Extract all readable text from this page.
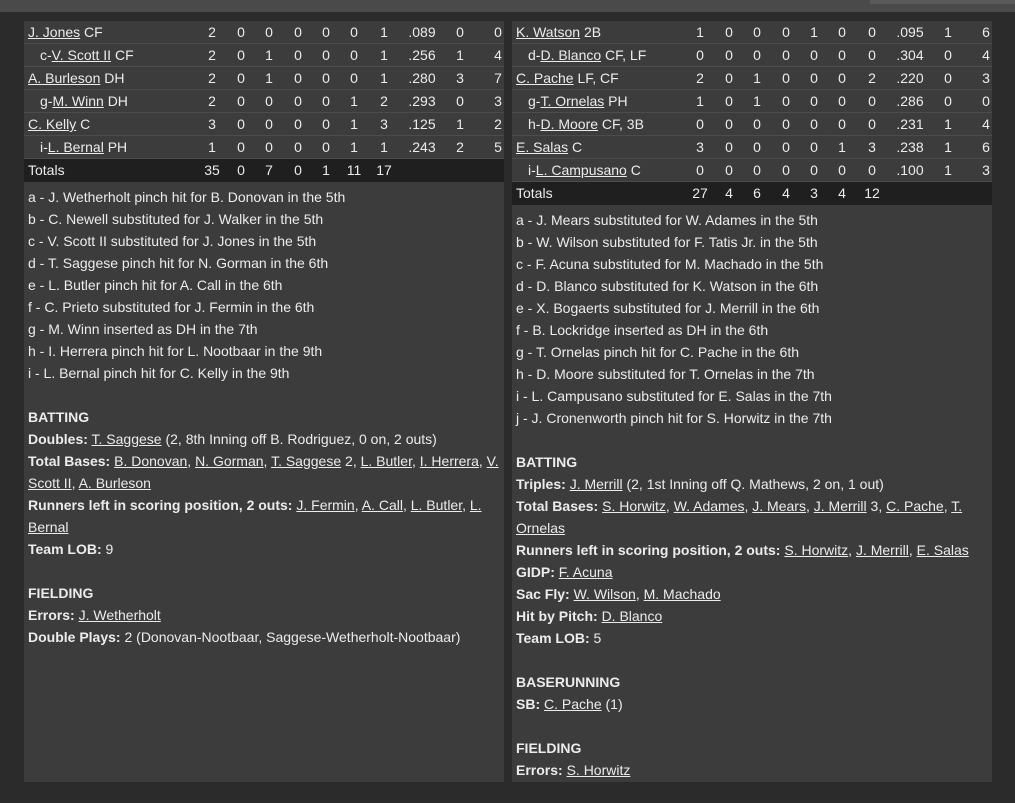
J. Jones CF	2	0	0	0	0	0	1	.089	0	0
c-V. Scott II CF	2	0	1	0	0	0	1	.256	1	4
A. Burleson DH	2	0	1	0	0	0	1	.280	3	7
g-M. Winn DH	2	0	0	0	0	1	2	.293	0	3
C. Kelly C	3	0	0	0	0	1	3	.125	1	2
i-L. Bernal PH	1	0	0	0	0	1	1	.243	2	5
Totals	35	0	7	0	1	11	17
a - J. Wetherholt pinch hit for B. Donovan in the 5th
b - C. Newell substituted for J. Walker in the 5th
c - V. Scott II substituted for J. Jones in the 5th
d - T. Saggese pinch hit for N. Gorman in the 6th
e - L. Butler pinch hit for A. Call in the 6th
f - C. Prieto substituted for J. Fermin in the 6th
g - M. Winn inserted as DH in the 7th
h - I. Herrera pinch hit for L. Nootbaar in the 9th
i - L. Bernal pinch hit for C. Kelly in the 9th
BATTING
Doubles: T. Saggese (2, 8th Inning off B. Rodriguez, 0 on, 2 outs)
Total Bases: B. Donovan, N. Gorman, T. Saggese 2, L. Butler, I. Herrera, V. Scott II, A. Burleson
Runners left in scoring position, 2 outs: J. Fermin, A. Call, L. Butler, L. Bernal
Team LOB: 9
FIELDING
Errors: J. Wetherholt
Double Plays: 2 (Donovan-Nootbaar, Saggese-Wetherholt-Nootbaar)
K. Watson 2B	1	0	0	0	1	0	0	.095	1	6
d-D. Blanco CF, LF	0	0	0	0	0	0	0	.304	0	4
C. Pache LF, CF	2	0	1	0	0	0	2	.220	0	3
g-T. Ornelas PH	1	0	1	0	0	0	0	.286	0	0
h-D. Moore CF, 3B	0	0	0	0	0	0	0	.231	1	4
E. Salas C	3	0	0	0	0	1	3	.238	1	6
i-L. Campusano C	0	0	0	0	0	0	0	.100	1	3
Totals	27	4	6	4	3	4	12
a - J. Mears substituted for W. Adames in the 5th
b - W. Wilson substituted for F. Tatis Jr. in the 5th
c - F. Acuna substituted for M. Machado in the 5th
d - D. Blanco substituted for K. Watson in the 6th
e - X. Bogaerts substituted for J. Merrill in the 6th
f - B. Lockridge inserted as DH in the 6th
g - T. Ornelas pinch hit for C. Pache in the 6th
h - D. Moore substituted for T. Ornelas in the 7th
i - L. Campusano substituted for E. Salas in the 7th
j - J. Cronenworth pinch hit for S. Horwitz in the 7th
BATTING
Triples: J. Merrill (2, 1st Inning off Q. Mathews, 2 on, 1 out)
Total Bases: S. Horwitz, W. Adames, J. Mears, J. Merrill 3, C. Pache, T. Ornelas
Runners left in scoring position, 2 outs: S. Horwitz, J. Merrill, E. Salas
GIDP: F. Acuna
Sac Fly: W. Wilson, M. Machado
Hit by Pitch: D. Blanco
Team LOB: 5
BASERUNNING
SB: C. Pache (1)
FIELDING
Errors: S. Horwitz
